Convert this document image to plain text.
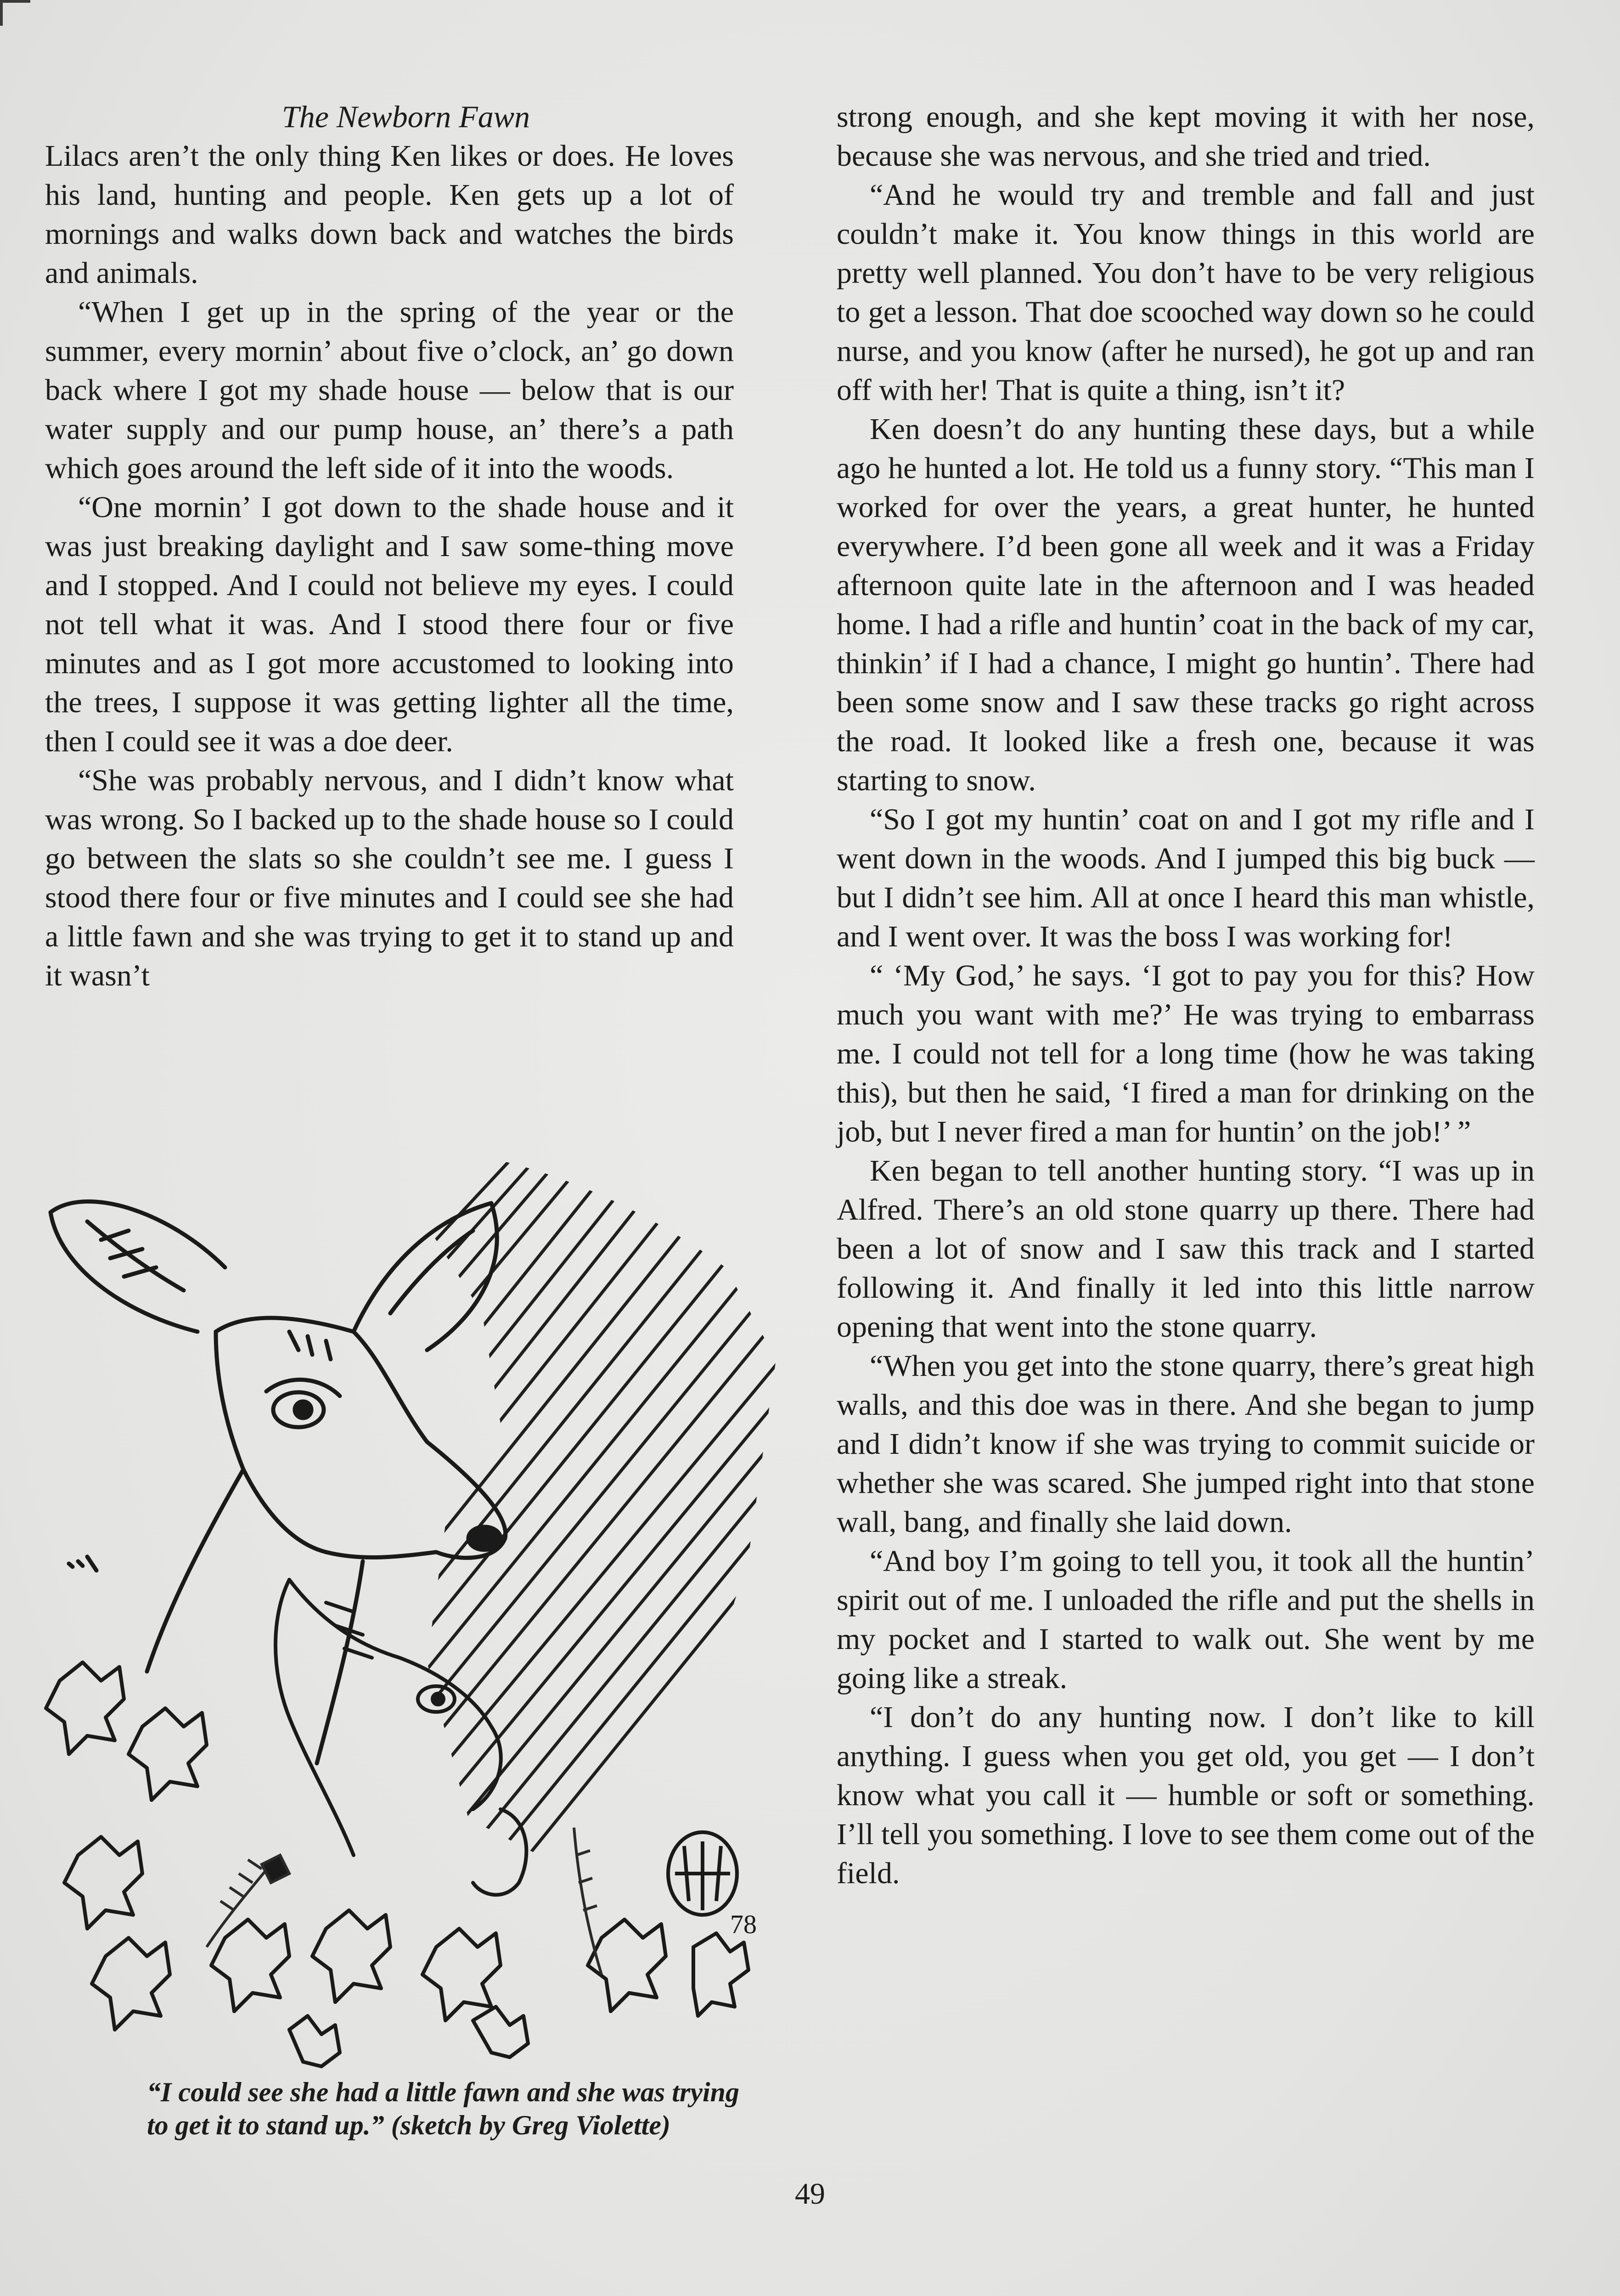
The Newborn Fawn

Lilacs aren’t the only thing Ken likes or does. He loves his land, hunting and people. Ken gets up a lot of mornings and walks down back and watches the birds and animals.

“When I get up in the spring of the year or the summer, every mornin’ about five o’clock, an’ go down back where I got my shade house — below that is our water supply and our pump house, an’ there’s a path which goes around the left side of it into the woods.

“One mornin’ I got down to the shade house and it was just breaking daylight and I saw some-thing move and I stopped. And I could not believe my eyes. I could not tell what it was. And I stood there four or five minutes and as I got more accustomed to looking into the trees, I suppose it was getting lighter all the time, then I could see it was a doe deer.

“She was probably nervous, and I didn’t know what was wrong. So I backed up to the shade house so I could go between the slats so she couldn’t see me. I guess I stood there four or five minutes and I could see she had a little fawn and she was trying to get it to stand up and it wasn’t

78
“I could see she had a little fawn and she was trying to get it to stand up.” (sketch by Greg Violette)

strong enough, and she kept moving it with her nose, because she was nervous, and she tried and tried.

“And he would try and tremble and fall and just couldn’t make it. You know things in this world are pretty well planned. You don’t have to be very religious to get a lesson. That doe scooched way down so he could nurse, and you know (after he nursed), he got up and ran off with her! That is quite a thing, isn’t it?

Ken doesn’t do any hunting these days, but a while ago he hunted a lot. He told us a funny story. “This man I worked for over the years, a great hunter, he hunted everywhere. I’d been gone all week and it was a Friday afternoon quite late in the afternoon and I was headed home. I had a rifle and huntin’ coat in the back of my car, thinkin’ if I had a chance, I might go huntin’. There had been some snow and I saw these tracks go right across the road. It looked like a fresh one, because it was starting to snow.

“So I got my huntin’ coat on and I got my rifle and I went down in the woods. And I jumped this big buck — but I didn’t see him. All at once I heard this man whistle, and I went over. It was the boss I was working for!

“ ‘My God,’ he says. ‘I got to pay you for this? How much you want with me?’ He was trying to embarrass me. I could not tell for a long time (how he was taking this), but then he said, ‘I fired a man for drinking on the job, but I never fired a man for huntin’ on the job!’ ”

Ken began to tell another hunting story. “I was up in Alfred. There’s an old stone quarry up there. There had been a lot of snow and I saw this track and I started following it. And finally it led into this little narrow opening that went into the stone quarry.

“When you get into the stone quarry, there’s great high walls, and this doe was in there. And she began to jump and I didn’t know if she was trying to commit suicide or whether she was scared. She jumped right into that stone wall, bang, and finally she laid down.

“And boy I’m going to tell you, it took all the huntin’ spirit out of me. I unloaded the rifle and put the shells in my pocket and I started to walk out. She went by me going like a streak.

“I don’t do any hunting now. I don’t like to kill anything. I guess when you get old, you get — I don’t know what you call it — humble or soft or something. I’ll tell you something. I love to see them come out of the field.

49
